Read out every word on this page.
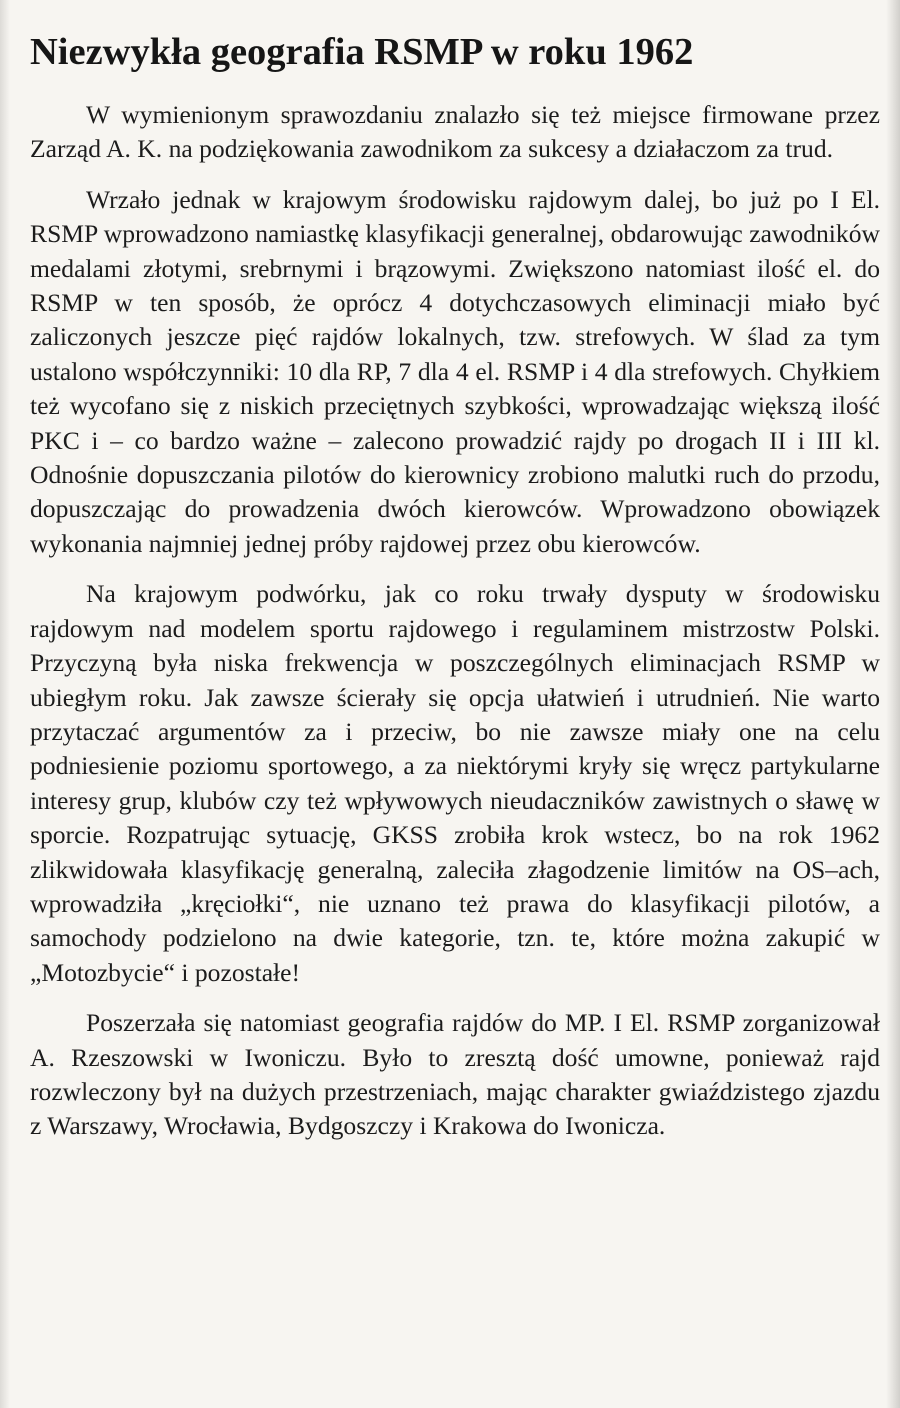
Niezwykła geografia RSMP w roku 1962

W wymienionym sprawozdaniu znalazło się też miejsce firmowane przez Zarząd A. K. na podziękowania zawodnikom za sukcesy a działaczom za trud.

Wrzało jednak w krajowym środowisku rajdowym dalej, bo już po I El. RSMP wprowadzono namiastkę klasyfikacji generalnej, obdarowując zawodników medalami złotymi, srebrnymi i brązowymi. Zwiększono natomiast ilość el. do RSMP w ten sposób, że oprócz 4 dotychczasowych eliminacji miało być zaliczonych jeszcze pięć rajdów lokalnych, tzw. strefowych. W ślad za tym ustalono współczynniki: 10 dla RP, 7 dla 4 el. RSMP i 4 dla strefowych. Chyłkiem też wycofano się z niskich przeciętnych szybkości, wprowadzając większą ilość PKC i – co bardzo ważne – zalecono prowadzić rajdy po drogach II i III kl. Odnośnie dopuszczania pilotów do kierownicy zrobiono malutki ruch do przodu, dopuszczając do prowadzenia dwóch kierowców. Wprowadzono obowiązek wykonania najmniej jednej próby rajdowej przez obu kierowców.

Na krajowym podwórku, jak co roku trwały dysputy w środowisku rajdowym nad modelem sportu rajdowego i regulaminem mistrzostw Polski. Przyczyną była niska frekwencja w poszczególnych eliminacjach RSMP w ubiegłym roku. Jak zawsze ścierały się opcja ułatwień i utrudnień. Nie warto przytaczać argumentów za i przeciw, bo nie zawsze miały one na celu podniesienie poziomu sportowego, a za niektórymi kryły się wręcz partykularne interesy grup, klubów czy też wpływowych nieudaczników zawistnych o sławę w sporcie. Rozpatrując sytuację, GKSS zrobiła krok wstecz, bo na rok 1962 zlikwidowała klasyfikację generalną, zaleciła złagodzenie limitów na OS–ach, wprowadziła „kręciołki“, nie uznano też prawa do klasyfikacji pilotów, a samochody podzielono na dwie kategorie, tzn. te, które można zakupić w „Motozbycie“ i pozostałe!

Poszerzała się natomiast geografia rajdów do MP. I El. RSMP zorganizował A. Rzeszowski w Iwoniczu. Było to zresztą dość umowne, ponieważ rajd rozwleczony był na dużych przestrzeniach, mając charakter gwiaździstego zjazdu z Warszawy, Wrocławia, Bydgoszczy i Krakowa do Iwonicza.
